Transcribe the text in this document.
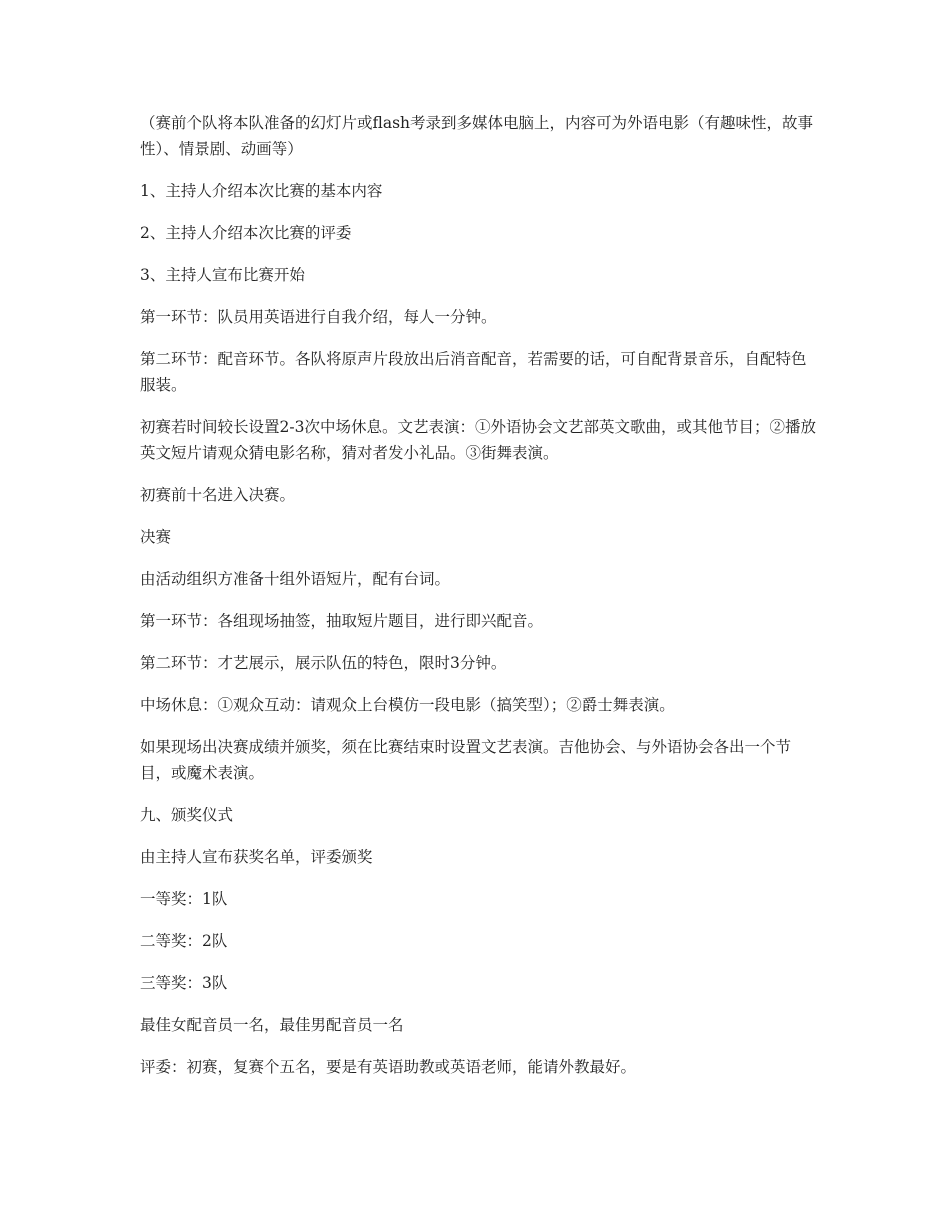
（赛前个队将本队准备的幻灯片或flash考录到多媒体电脑上，内容可为外语电影（有趣味性，故事性）、情景剧、动画等）

1、主持人介绍本次比赛的基本内容

2、主持人介绍本次比赛的评委

3、主持人宣布比赛开始

第一环节：队员用英语进行自我介绍，每人一分钟。

第二环节：配音环节。各队将原声片段放出后消音配音，若需要的话，可自配背景音乐，自配特色服装。

初赛若时间较长设置2-3次中场休息。文艺表演：①外语协会文艺部英文歌曲，或其他节目；②播放英文短片请观众猜电影名称，猜对者发小礼品。③街舞表演。

初赛前十名进入决赛。

决赛

由活动组织方准备十组外语短片，配有台词。

第一环节：各组现场抽签，抽取短片题目，进行即兴配音。

第二环节：才艺展示，展示队伍的特色，限时3分钟。

中场休息：①观众互动：请观众上台模仿一段电影（搞笑型）；②爵士舞表演。

如果现场出决赛成绩并颁奖，须在比赛结束时设置文艺表演。吉他协会、与外语协会各出一个节目，或魔术表演。

九、颁奖仪式

由主持人宣布获奖名单，评委颁奖

一等奖：1队

二等奖：2队

三等奖：3队

最佳女配音员一名，最佳男配音员一名

评委：初赛，复赛个五名，要是有英语助教或英语老师，能请外教最好。
